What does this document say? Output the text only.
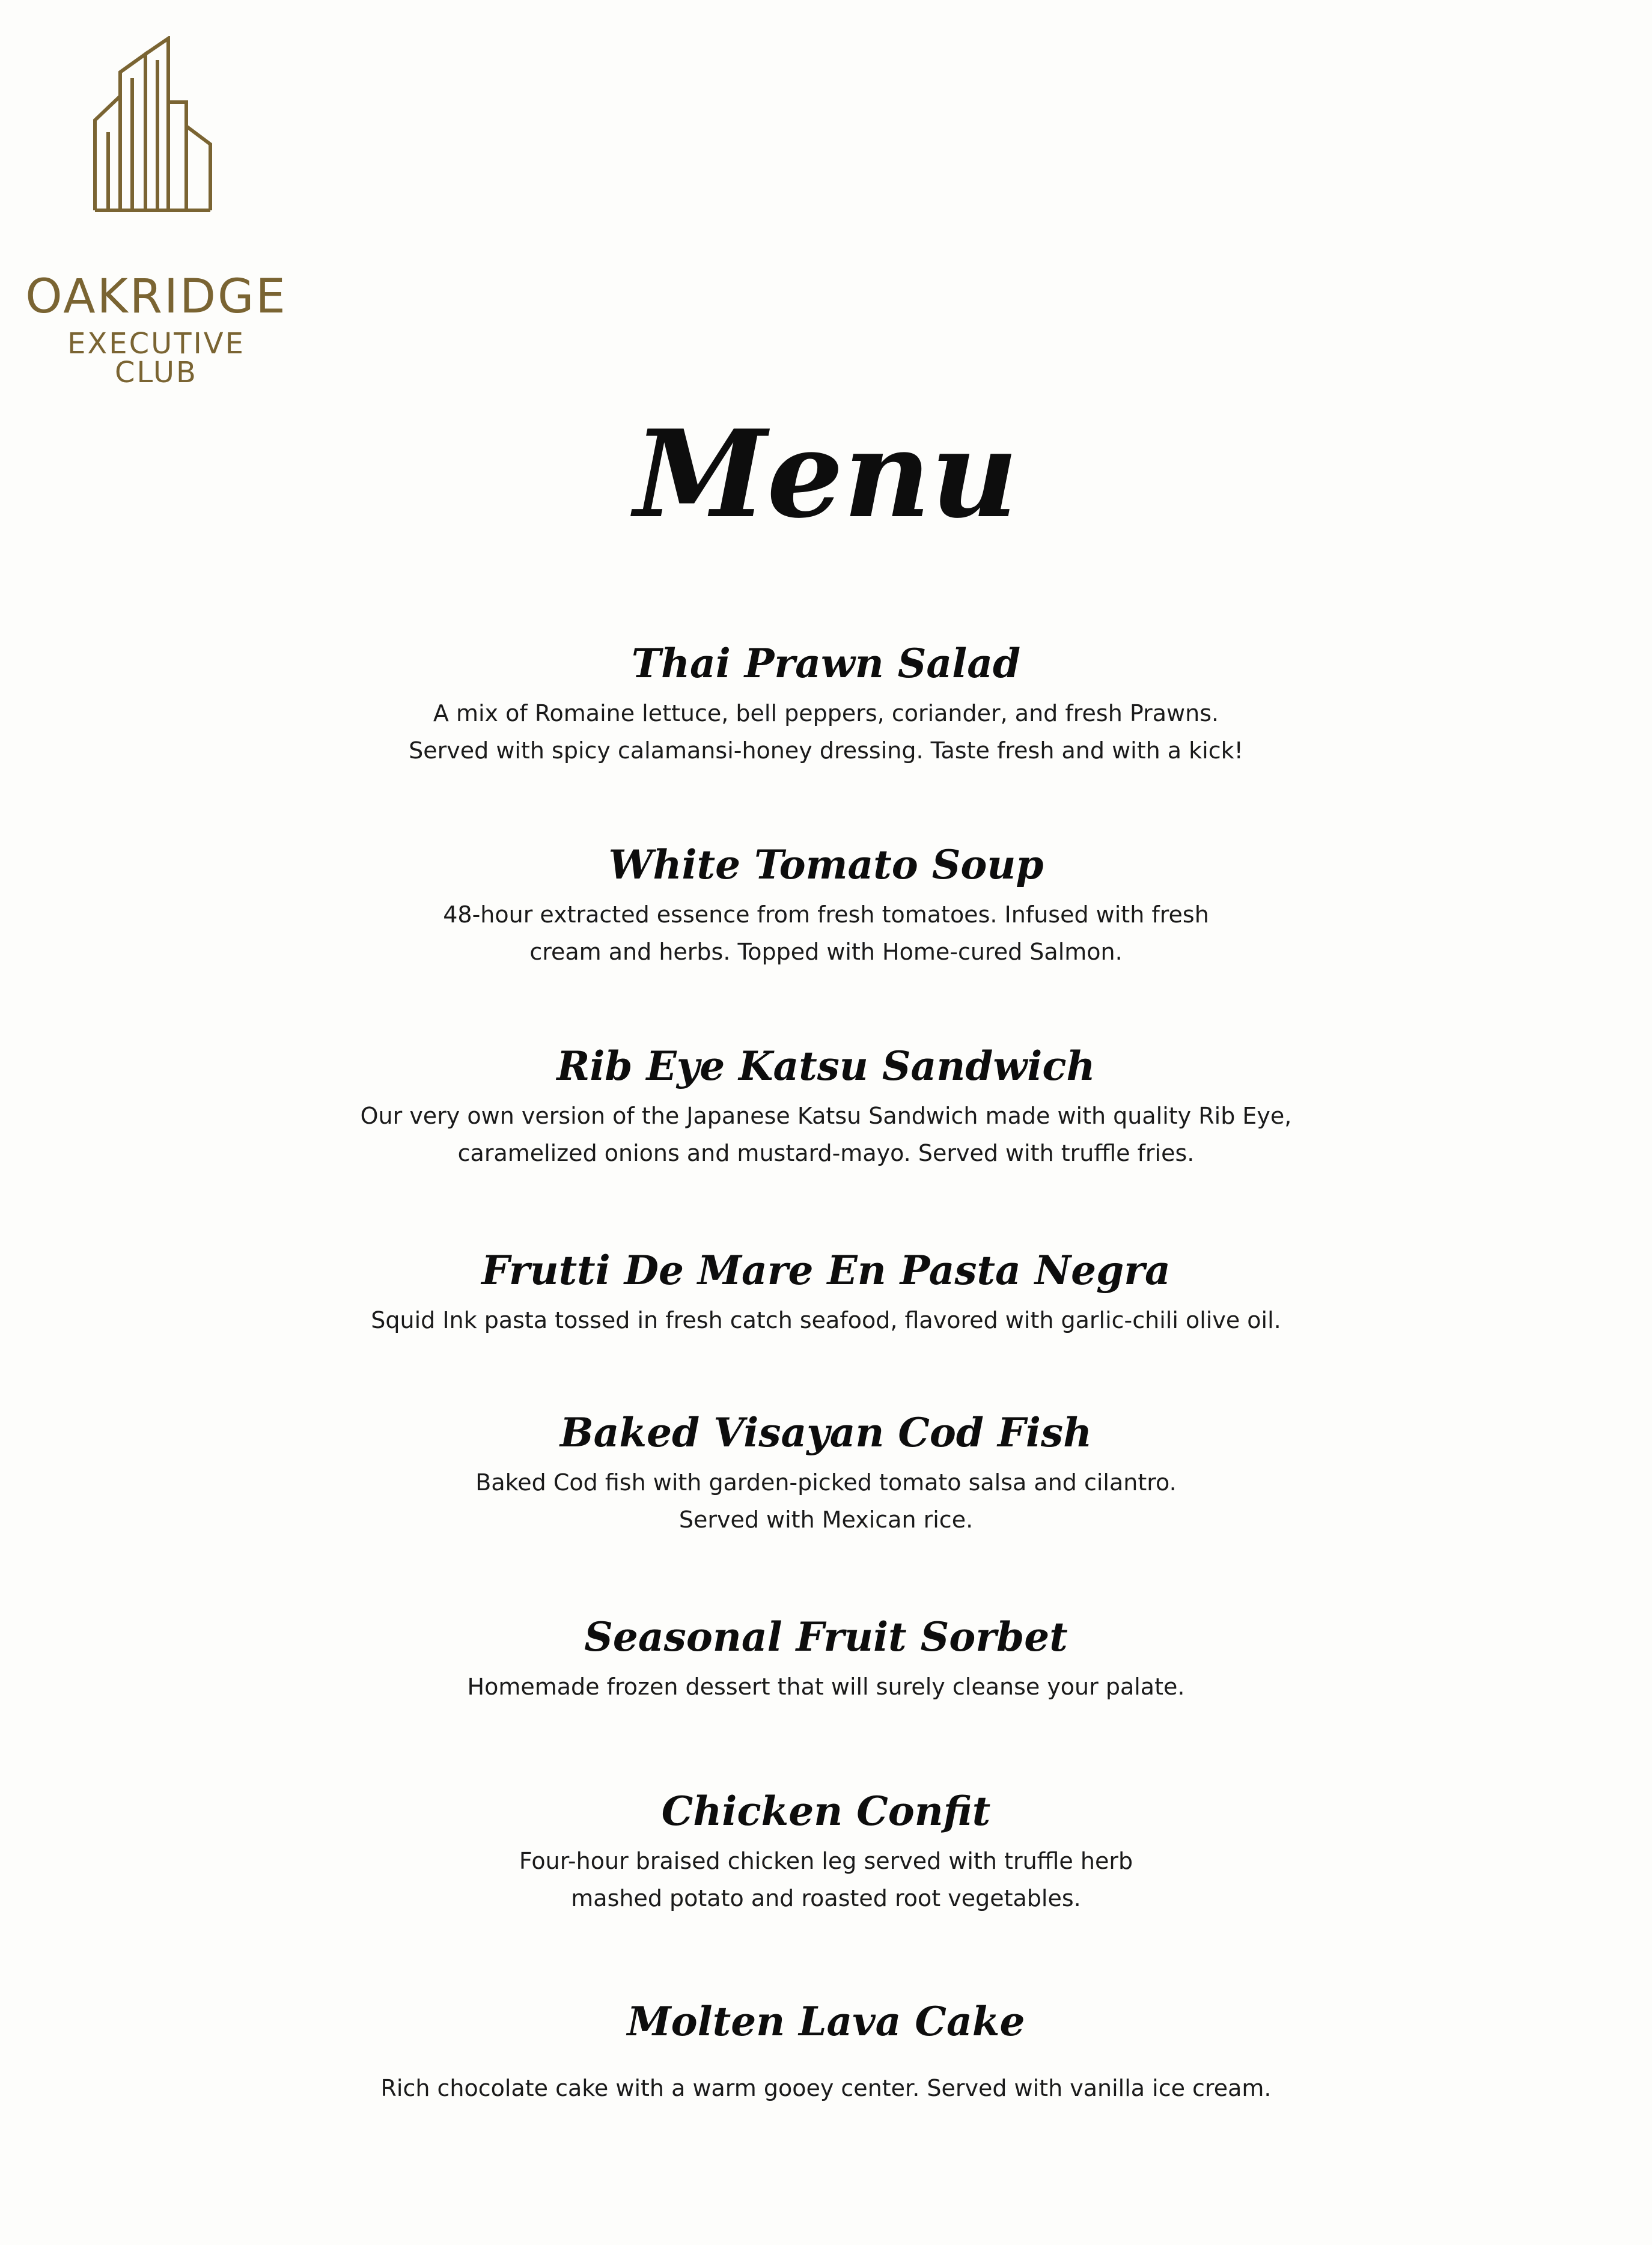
OAKRIDGE
EXECUTIVE CLUB
Menu
Thai Prawn Salad
A mix of Romaine lettuce, bell peppers, coriander, and fresh Prawns.
Served with spicy calamansi-honey dressing. Taste fresh and with a kick!
White Tomato Soup
48-hour extracted essence from fresh tomatoes. Infused with fresh
cream and herbs. Topped with Home-cured Salmon.
Rib Eye Katsu Sandwich
Our very own version of the Japanese Katsu Sandwich made with quality Rib Eye,
caramelized onions and mustard-mayo. Served with truffle fries.
Frutti De Mare En Pasta Negra
Squid Ink pasta tossed in fresh catch seafood, flavored with garlic-chili olive oil.
Baked Visayan Cod Fish
Baked Cod fish with garden-picked tomato salsa and cilantro.
Served with Mexican rice.
Seasonal Fruit Sorbet
Homemade frozen dessert that will surely cleanse your palate.
Chicken Confit
Four-hour braised chicken leg served with truffle herb
mashed potato and roasted root vegetables.
Molten Lava Cake
Rich chocolate cake with a warm gooey center. Served with vanilla ice cream.
